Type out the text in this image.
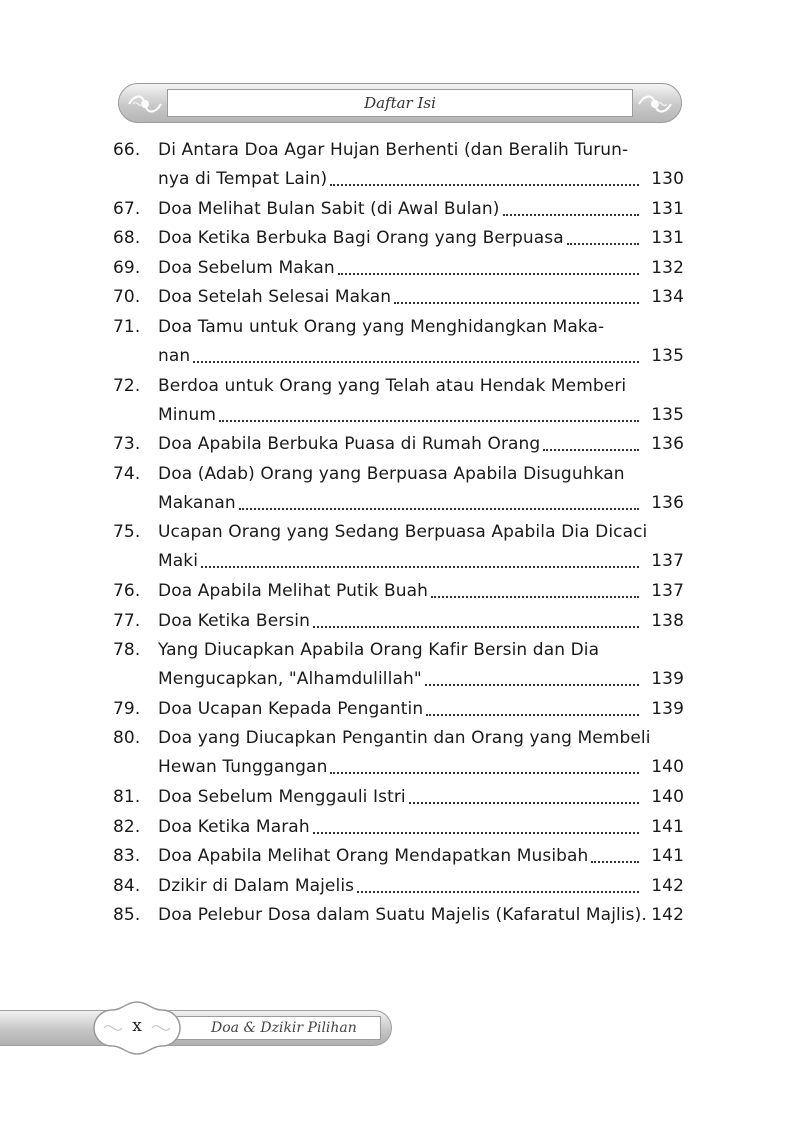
Daftar Isi
66.	Di Antara Doa Agar Hujan Berhenti (dan Beralih Turun-
nya di Tempat Lain)	130
67.	Doa Melihat Bulan Sabit (di Awal Bulan)	131
68.	Doa Ketika Berbuka Bagi Orang yang Berpuasa	131
69.	Doa Sebelum Makan	132
70.	Doa Setelah Selesai Makan	134
71.	Doa Tamu untuk Orang yang Menghidangkan Maka-
nan	135
72.	Berdoa untuk Orang yang Telah atau Hendak Memberi
Minum	135
73.	Doa Apabila Berbuka Puasa di Rumah Orang	136
74.	Doa (Adab) Orang yang Berpuasa Apabila Disuguhkan
Makanan	136
75.	Ucapan Orang yang Sedang Berpuasa Apabila Dia Dicaci
Maki	137
76.	Doa Apabila Melihat Putik Buah	137
77.	Doa Ketika Bersin	138
78.	Yang Diucapkan Apabila Orang Kafir Bersin dan Dia
Mengucapkan, "Alhamdulillah"	139
79.	Doa Ucapan Kepada Pengantin	139
80.	Doa yang Diucapkan Pengantin dan Orang yang Membeli
Hewan Tunggangan	140
81.	Doa Sebelum Menggauli Istri	140
82.	Doa Ketika Marah	141
83.	Doa Apabila Melihat Orang Mendapatkan Musibah	141
84.	Dzikir di Dalam Majelis	142
85.	Doa Pelebur Dosa dalam Suatu Majelis (Kafaratul Majlis). 142
Doa & Dzikir Pilihan
x
